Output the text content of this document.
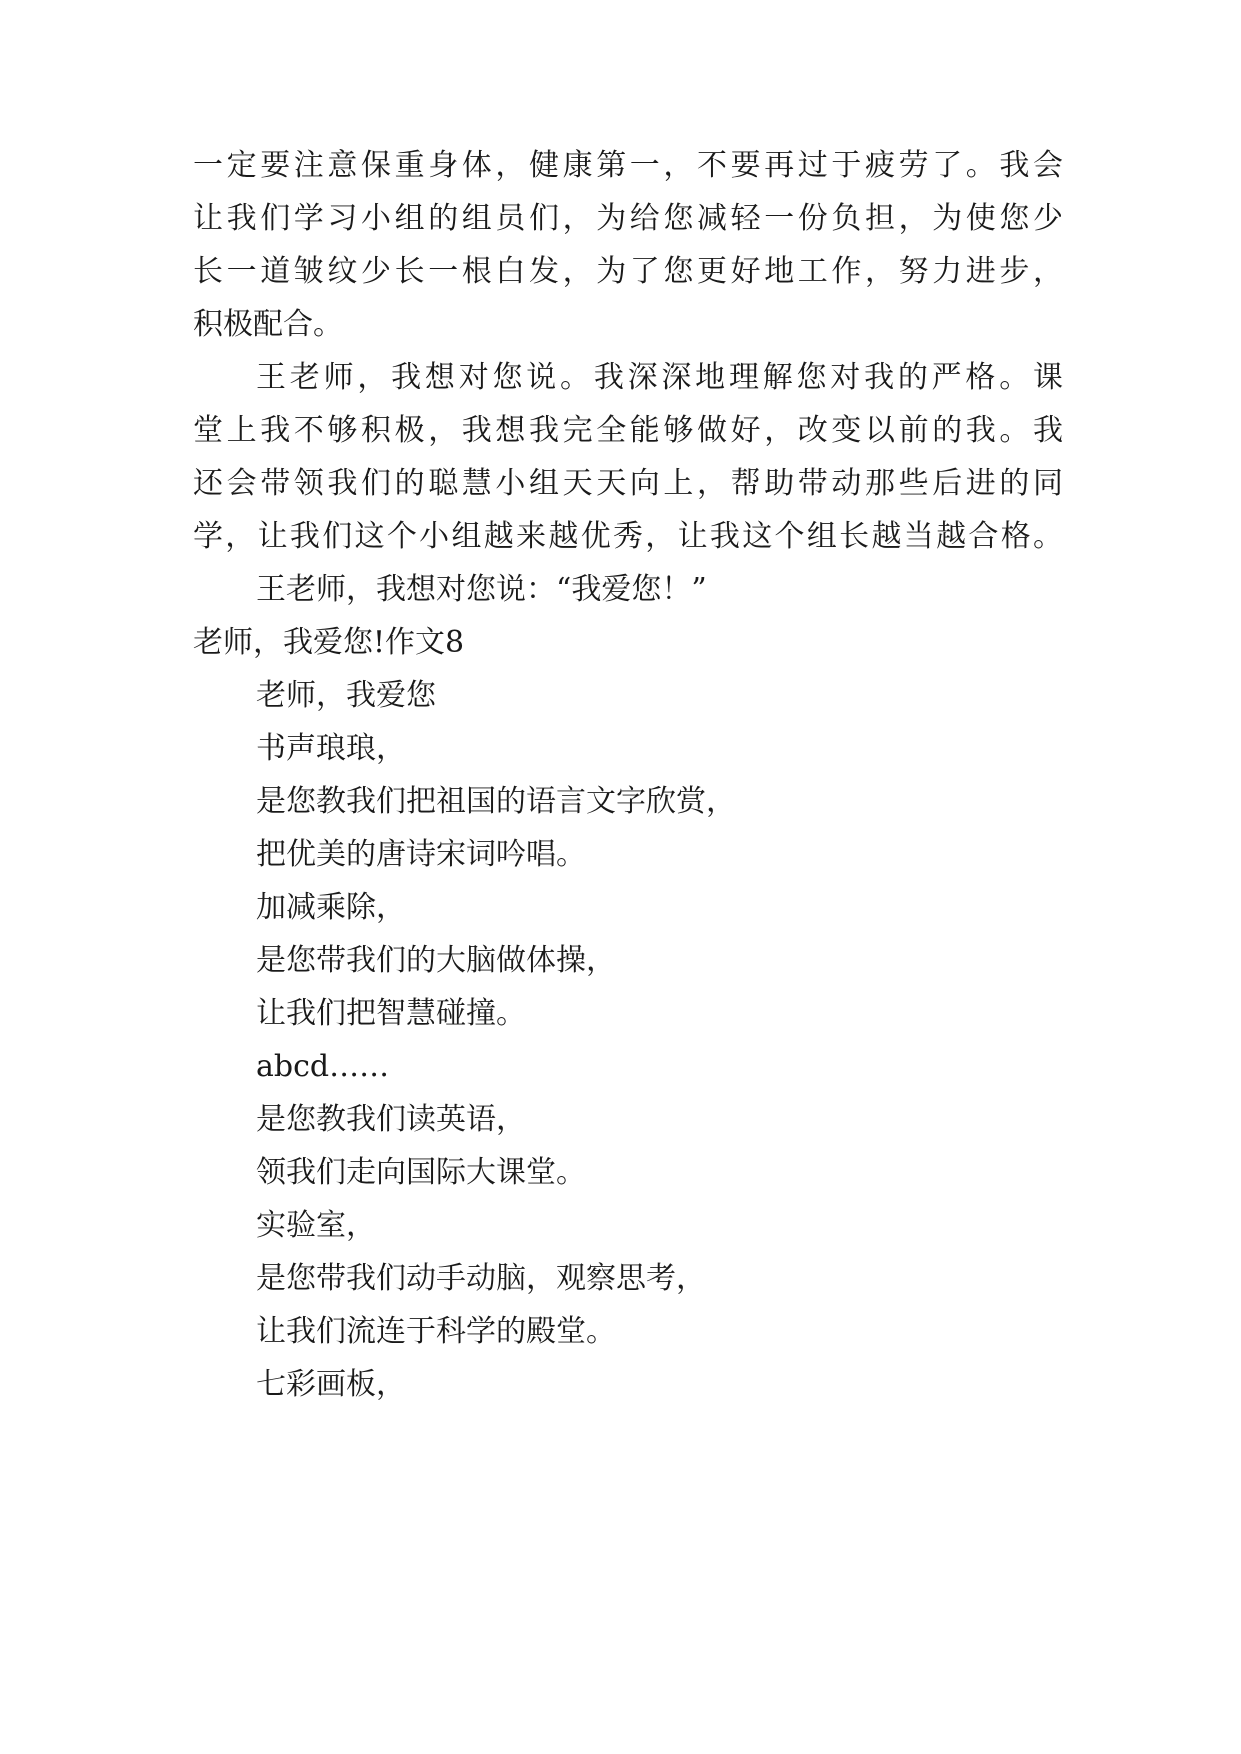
一定要注意保重身体，健康第一，不要再过于疲劳了。我会
让我们学习小组的组员们，为给您减轻一份负担，为使您少
长一道皱纹少长一根白发，为了您更好地工作，努力进步，
积极配合。
王老师，我想对您说。我深深地理解您对我的严格。课
堂上我不够积极，我想我完全能够做好，改变以前的我。我
还会带领我们的聪慧小组天天向上，帮助带动那些后进的同
学，让我们这个小组越来越优秀，让我这个组长越当越合格。
王老师，我想对您说：“我爱您！”
老师，我爱您!作文8
老师，我爱您
书声琅琅，
是您教我们把祖国的语言文字欣赏，
把优美的唐诗宋词吟唱。
加减乘除，
是您带我们的大脑做体操，
让我们把智慧碰撞。
abcd……
是您教我们读英语，
领我们走向国际大课堂。
实验室，
是您带我们动手动脑，观察思考，
让我们流连于科学的殿堂。
七彩画板，
